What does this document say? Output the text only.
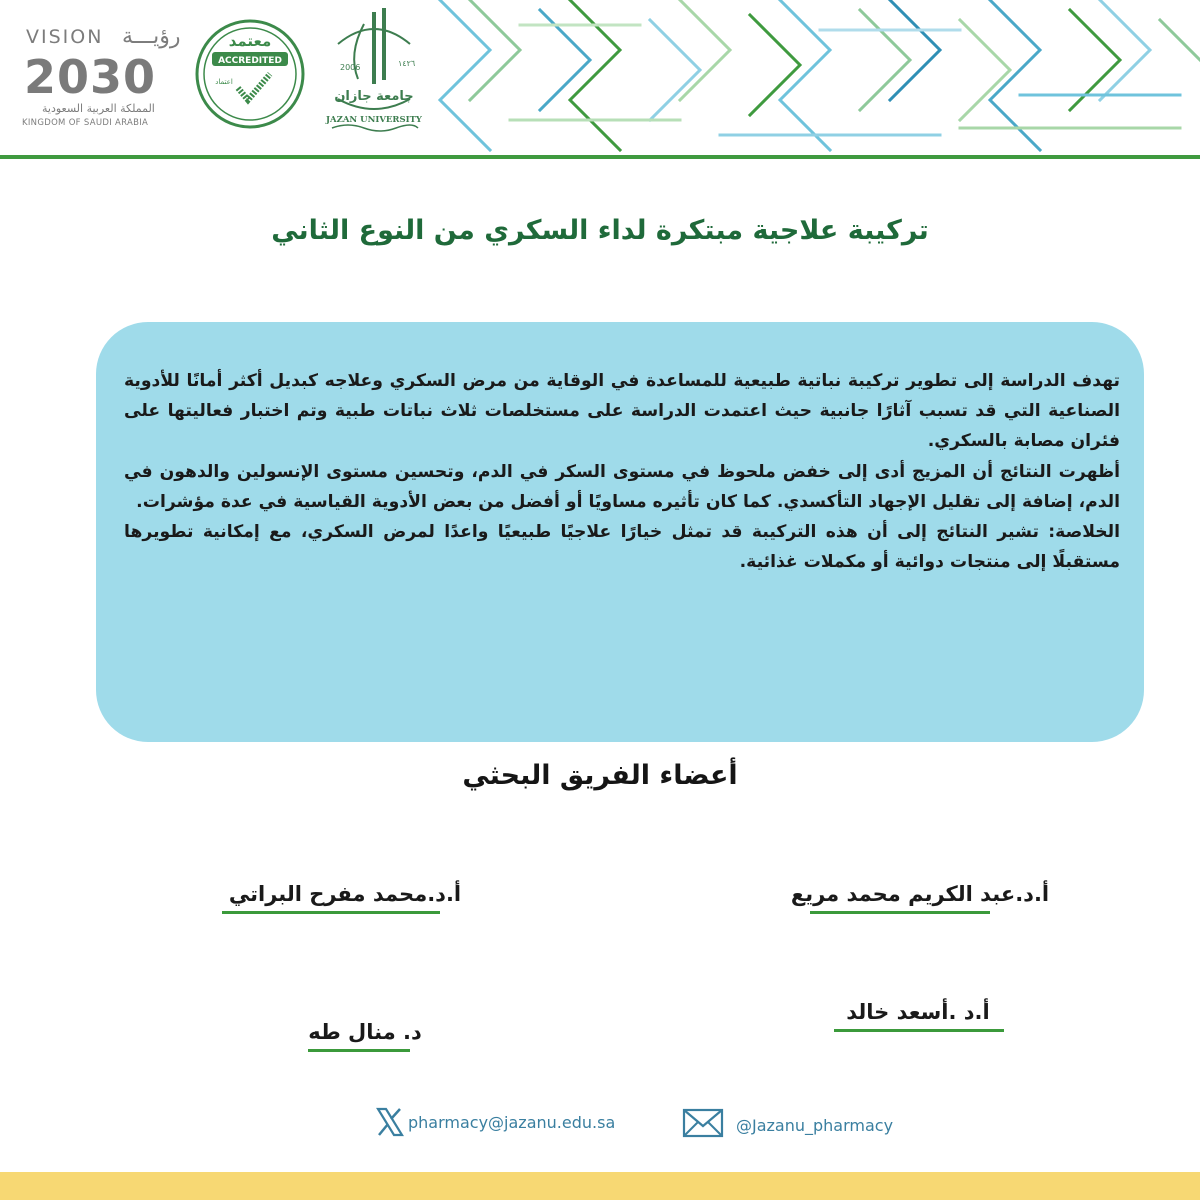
VISION رؤيـــة
2030
المملكة العربية السعودية
KINGDOM OF SAUDI ARABIA
معتمد
ACCREDITED
اعتماد
2006	١٤٢٦
جامعة جازان
JAZAN UNIVERSITY
تركيبة علاجية مبتكرة لداء السكري من النوع الثاني

تهدف الدراسة إلى تطوير تركيبة نباتية طبيعية للمساعدة في الوقاية من مرض السكري وعلاجه كبديل أكثر أمانًا للأدوية الصناعية التي قد تسبب آثارًا جانبية حيث اعتمدت الدراسة على مستخلصات ثلاث نباتات طبية وتم اختبار فعاليتها على فئران مصابة بالسكري.

أظهرت النتائج أن المزيج أدى إلى خفض ملحوظ في مستوى السكر في الدم، وتحسين مستوى الإنسولين والدهون في الدم، إضافة إلى تقليل الإجهاد التأكسدي. كما كان تأثيره مساويًا أو أفضل من بعض الأدوية القياسية في عدة مؤشرات.

الخلاصة: تشير النتائج إلى أن هذه التركيبة قد تمثل خيارًا علاجيًا طبيعيًا واعدًا لمرض السكري، مع إمكانية تطويرها مستقبلًا إلى منتجات دوائية أو مكملات غذائية.

أعضاء الفريق البحثي
أ.د.عبد الكريم محمد مريع
أ.د.محمد مفرح البراتي
أ.د .أسعد خالد
د. منال طه
pharmacy@jazanu.edu.sa	@Jazanu_pharmacy
